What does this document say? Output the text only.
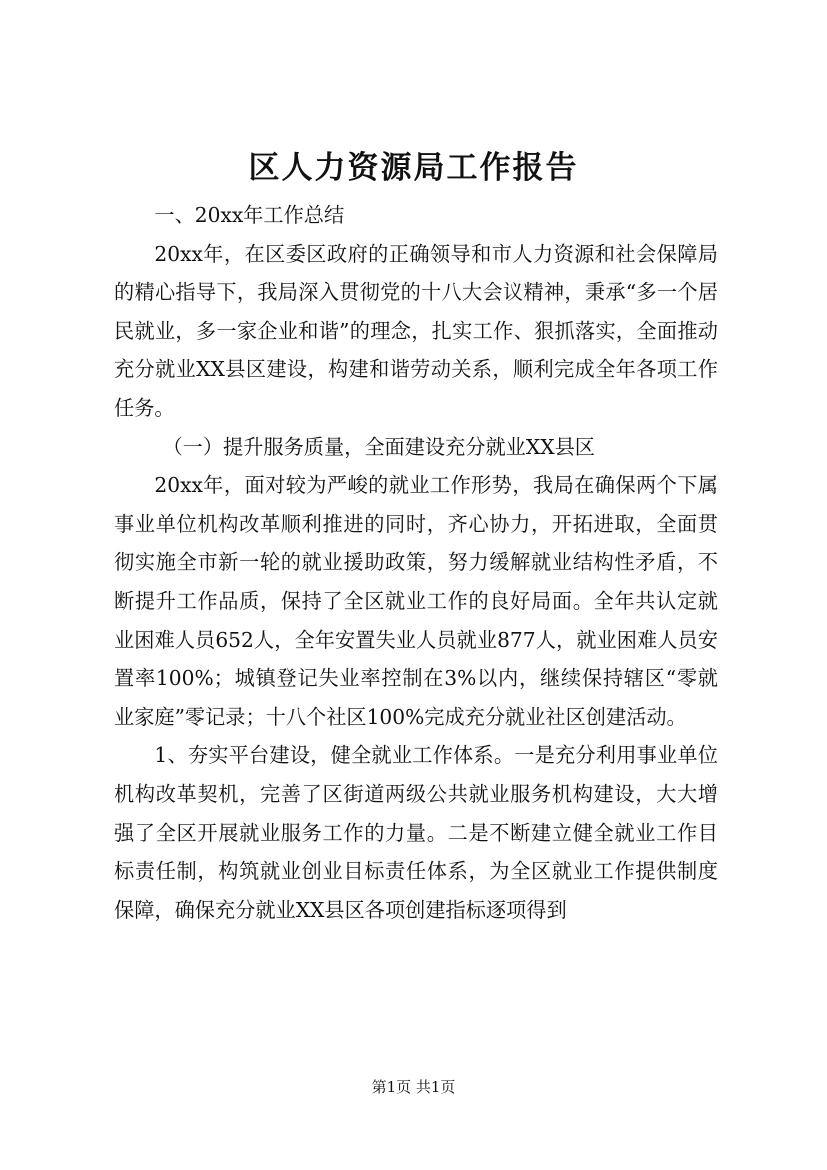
区人力资源局工作报告

一、20xx年工作总结

20xx年，在区委区政府的正确领导和市人力资源和社会保障局的精心指导下，我局深入贯彻党的十八大会议精神，秉承“多一个居民就业，多一家企业和谐”的理念，扎实工作、狠抓落实，全面推动充分就业XX县区建设，构建和谐劳动关系，顺利完成全年各项工作任务。

（一）提升服务质量，全面建设充分就业XX县区

20xx年，面对较为严峻的就业工作形势，我局在确保两个下属事业单位机构改革顺利推进的同时，齐心协力，开拓进取，全面贯彻实施全市新一轮的就业援助政策，努力缓解就业结构性矛盾，不断提升工作品质，保持了全区就业工作的良好局面。全年共认定就业困难人员652人，全年安置失业人员就业877人，就业困难人员安置率100%；城镇登记失业率控制在3%以内，继续保持辖区“零就业家庭”零记录；十八个社区100%完成充分就业社区创建活动。

1、夯实平台建设，健全就业工作体系。一是充分利用事业单位机构改革契机，完善了区街道两级公共就业服务机构建设，大大增强了全区开展就业服务工作的力量。二是不断建立健全就业工作目标责任制，构筑就业创业目标责任体系，为全区就业工作提供制度保障，确保充分就业XX县区各项创建指标逐项得到

第1页 共1页
